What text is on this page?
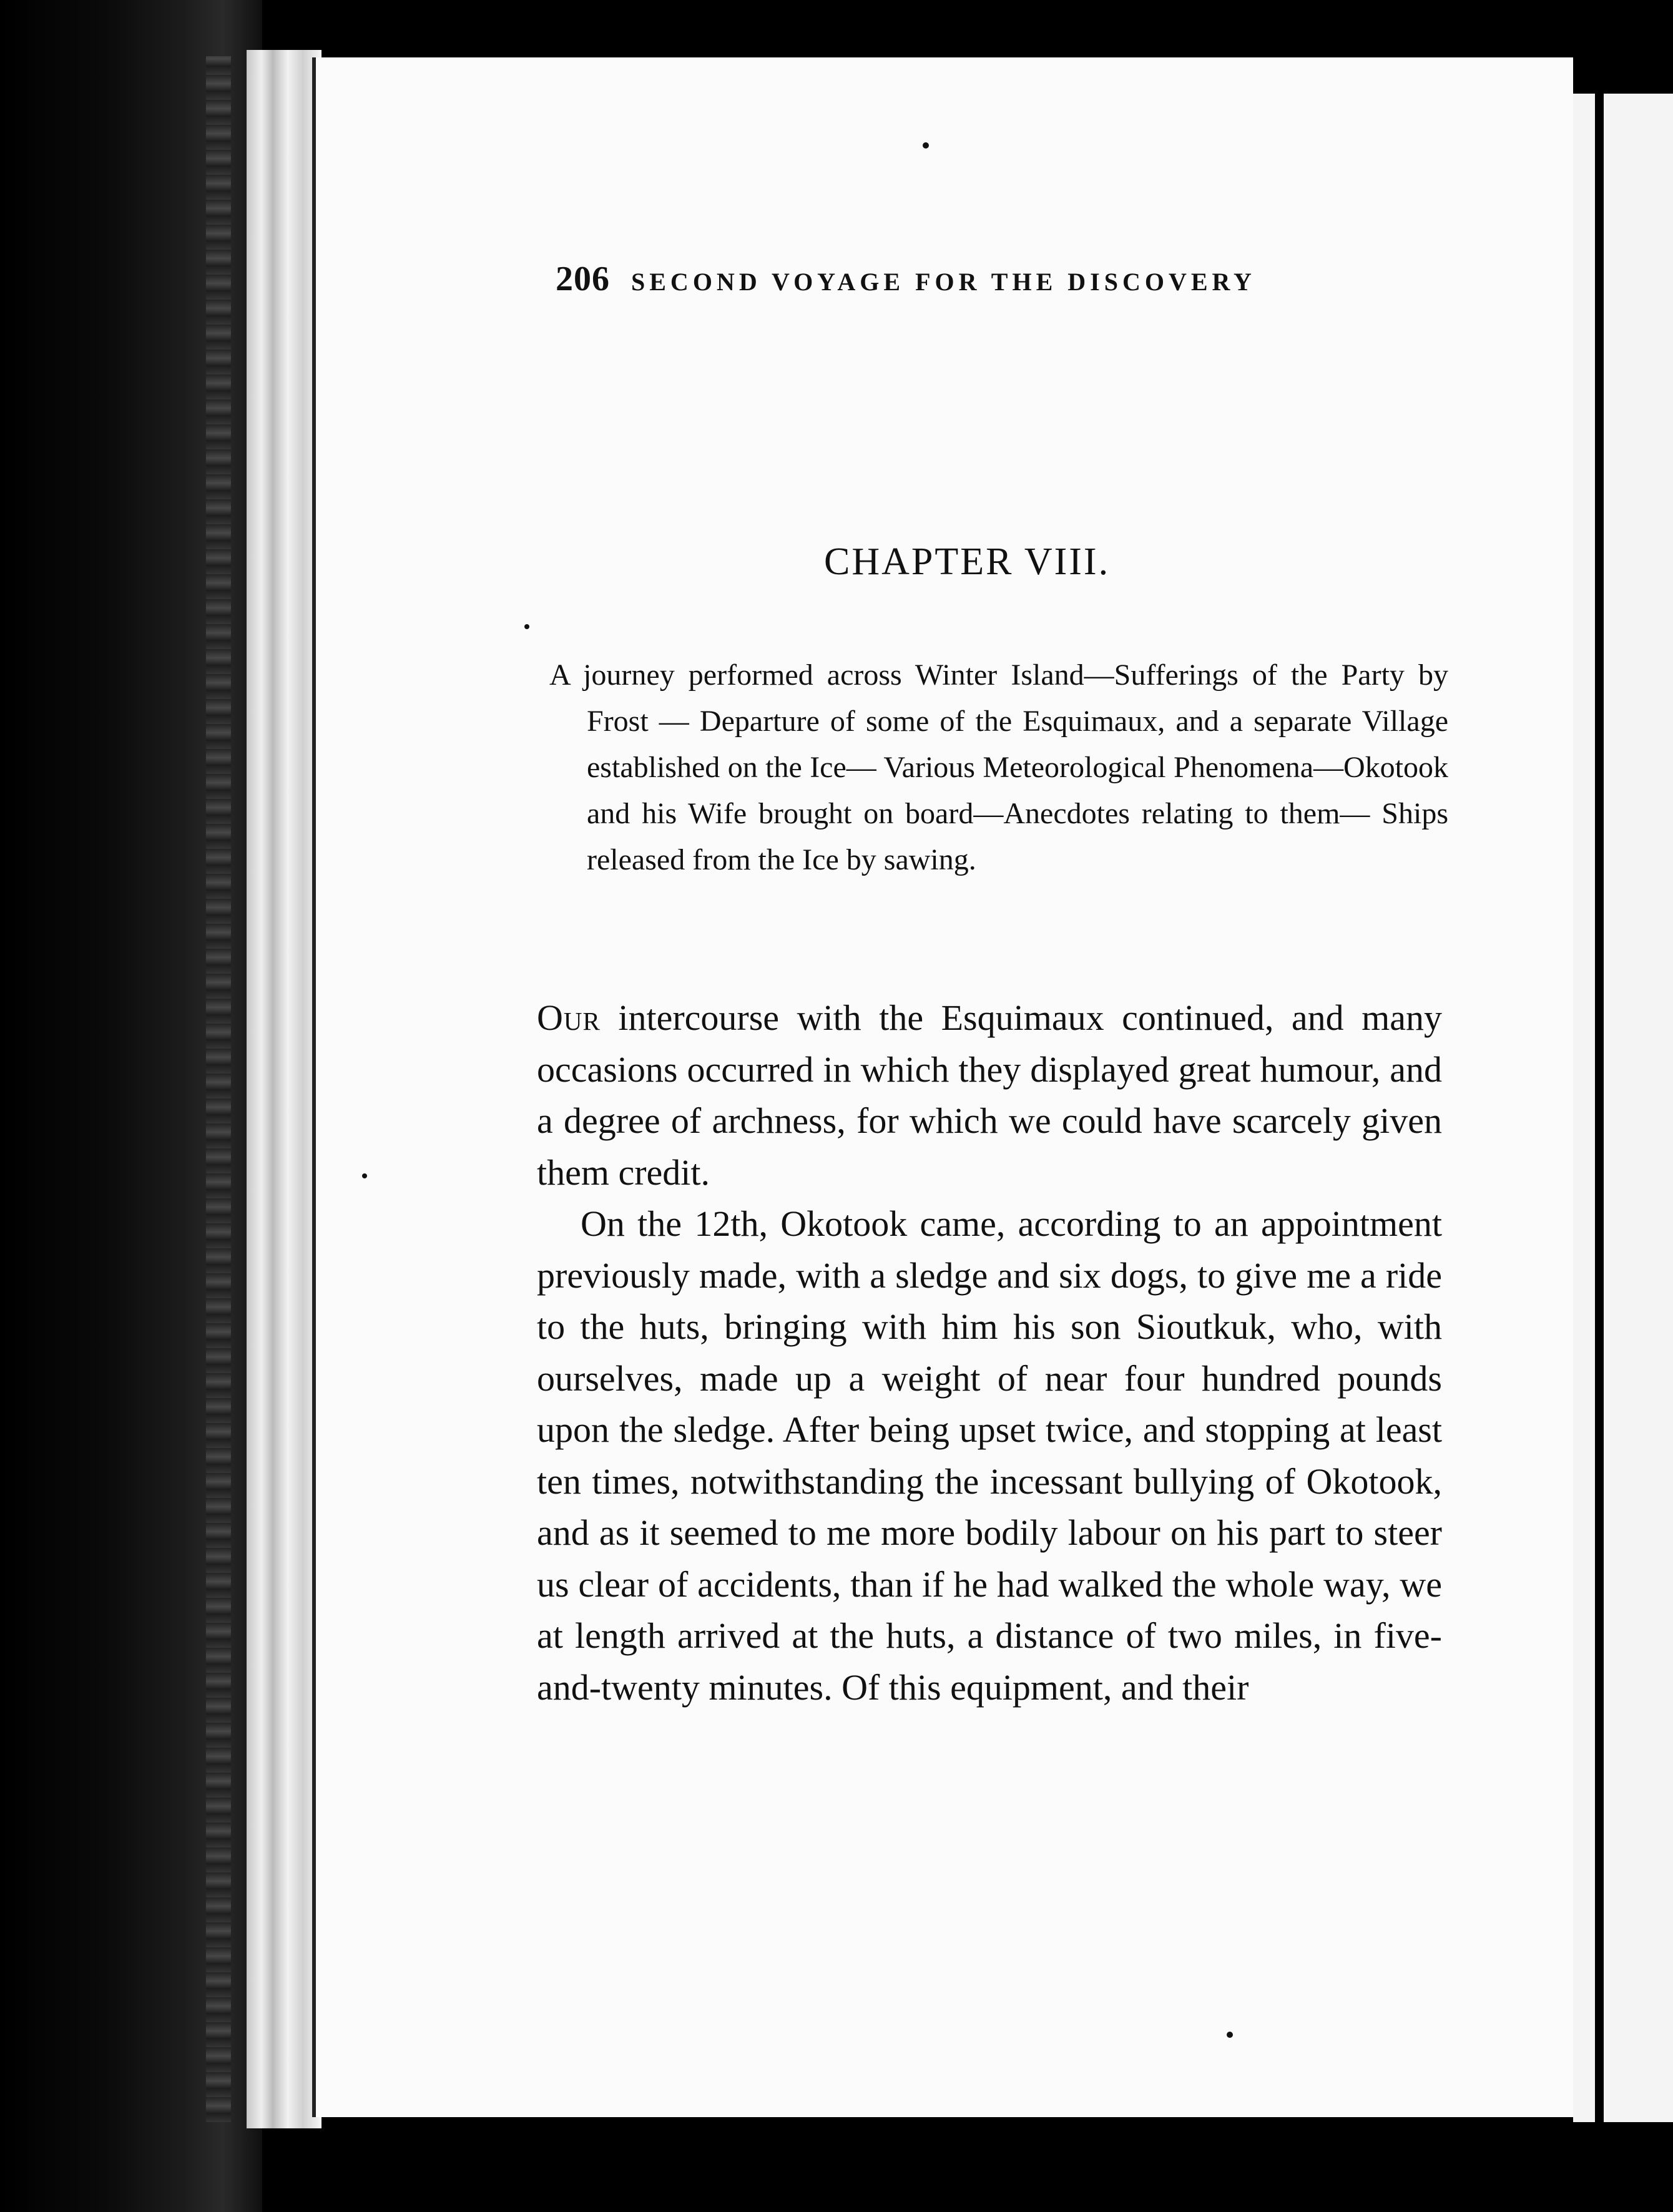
206 SECOND VOYAGE FOR THE DISCOVERY
CHAPTER VIII.
A journey performed across Winter Island—Sufferings of the Party by Frost — Departure of some of the Esquimaux, and a separate Village established on the Ice— Various Meteorological Phenomena—Okotook and his Wife brought on board—Anecdotes relating to them— Ships released from the Ice by sawing.

Our intercourse with the Esquimaux continued, and many occasions occurred in which they displayed great humour, and a degree of archness, for which we could have scarcely given them credit.

On the 12th, Okotook came, according to an appointment previously made, with a sledge and six dogs, to give me a ride to the huts, bringing with him his son Sioutkuk, who, with ourselves, made up a weight of near four hundred pounds upon the sledge. After being upset twice, and stopping at least ten times, notwithstanding the incessant bullying of Okotook, and as it seemed to me more bodily labour on his part to steer us clear of accidents, than if he had walked the whole way, we at length arrived at the huts, a distance of two miles, in five-and-twenty minutes. Of this equipment, and their
